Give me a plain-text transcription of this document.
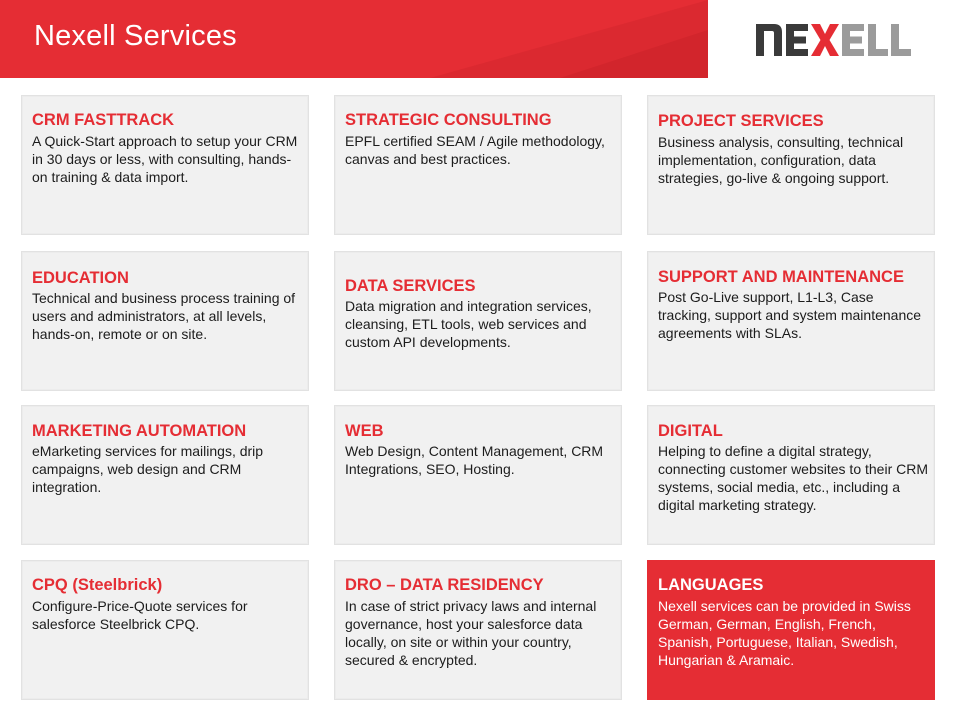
Nexell Services
CRM FASTTRACK

A Quick-Start approach to setup your CRM in 30 days or less, with consulting, hands-on training & data import.

STRATEGIC CONSULTING

EPFL certified SEAM / Agile methodology, canvas and best practices.

PROJECT SERVICES

Business analysis, consulting, technical implementation, configuration, data strategies, go-live & ongoing support.

EDUCATION

Technical and business process training of users and administrators, at all levels, hands-on, remote or on site.

DATA SERVICES

Data migration and integration services, cleansing, ETL tools, web services and custom API developments.

SUPPORT AND MAINTENANCE

Post Go-Live support, L1-L3, Case tracking, support and system maintenance agreements with SLAs.

MARKETING AUTOMATION

eMarketing services for mailings, drip campaigns, web design and CRM integration.

WEB

Web Design, Content Management, CRM Integrations, SEO, Hosting.

DIGITAL

Helping to define a digital strategy, connecting customer websites to their CRM systems, social media, etc., including a digital marketing strategy.

CPQ (Steelbrick)

Configure-Price-Quote services for salesforce Steelbrick CPQ.

DRO – DATA RESIDENCY

In case of strict privacy laws and internal governance, host your salesforce data locally, on site or within your country, secured & encrypted.

LANGUAGES

Nexell services can be provided in Swiss German, German, English, French, Spanish, Portuguese, Italian, Swedish, Hungarian & Aramaic.
